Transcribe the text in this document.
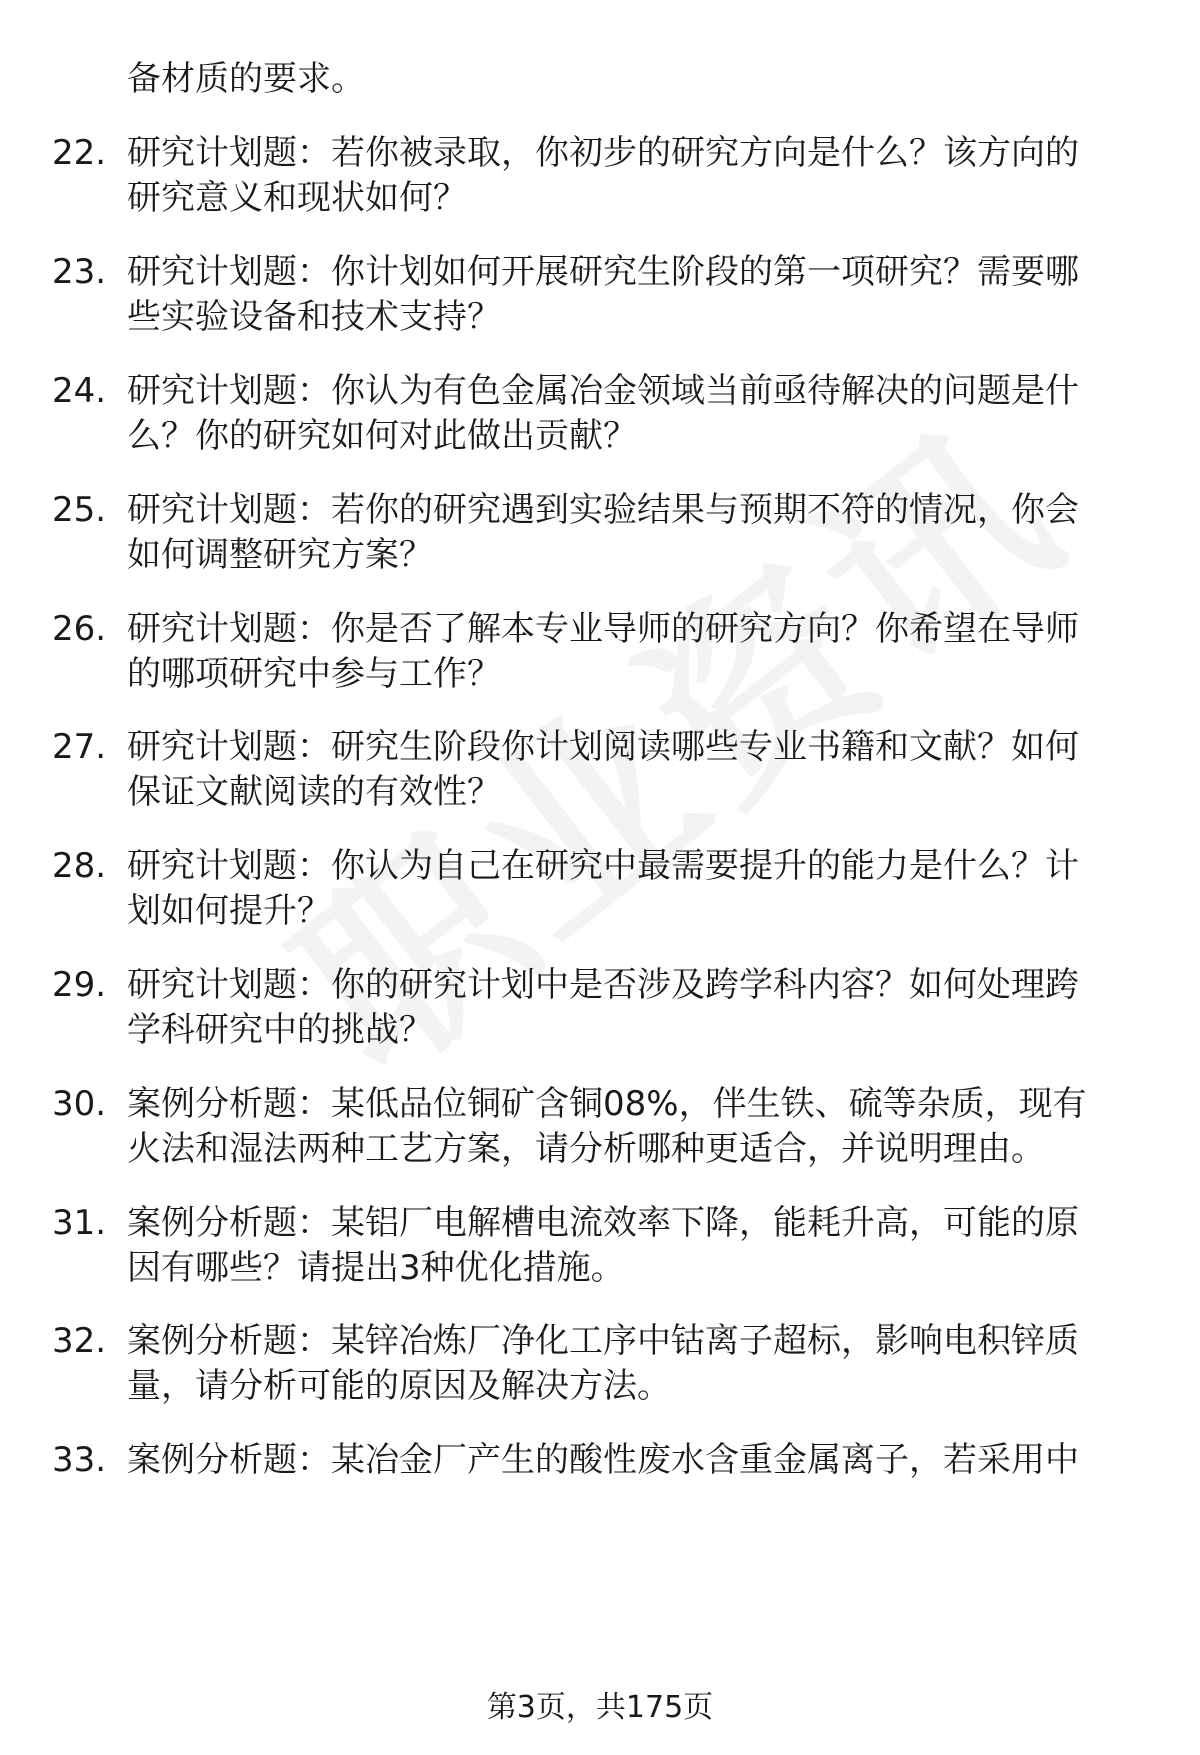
备材质的要求。
22. 研究计划题：若你被录取，你初步的研究方向是什么？该方向的
研究意义和现状如何？
23. 研究计划题：你计划如何开展研究生阶段的第一项研究？需要哪
些实验设备和技术支持？
24. 研究计划题：你认为有色金属冶金领域当前亟待解决的问题是什
么？你的研究如何对此做出贡献？
25. 研究计划题：若你的研究遇到实验结果与预期不符的情况，你会
如何调整研究方案？
26. 研究计划题：你是否了解本专业导师的研究方向？你希望在导师
的哪项研究中参与工作？
27. 研究计划题：研究生阶段你计划阅读哪些专业书籍和文献？如何
保证文献阅读的有效性？
28. 研究计划题：你认为自己在研究中最需要提升的能力是什么？计
划如何提升？
29. 研究计划题：你的研究计划中是否涉及跨学科内容？如何处理跨
学科研究中的挑战？
30. 案例分析题：某低品位铜矿含铜08%，伴生铁、硫等杂质，现有
火法和湿法两种工艺方案，请分析哪种更适合，并说明理由。
31. 案例分析题：某铝厂电解槽电流效率下降，能耗升高，可能的原
因有哪些？请提出3种优化措施。
32. 案例分析题：某锌冶炼厂净化工序中钴离子超标，影响电积锌质
量，请分析可能的原因及解决方法。
33. 案例分析题：某冶金厂产生的酸性废水含重金属离子，若采用中
第3页，共175页
